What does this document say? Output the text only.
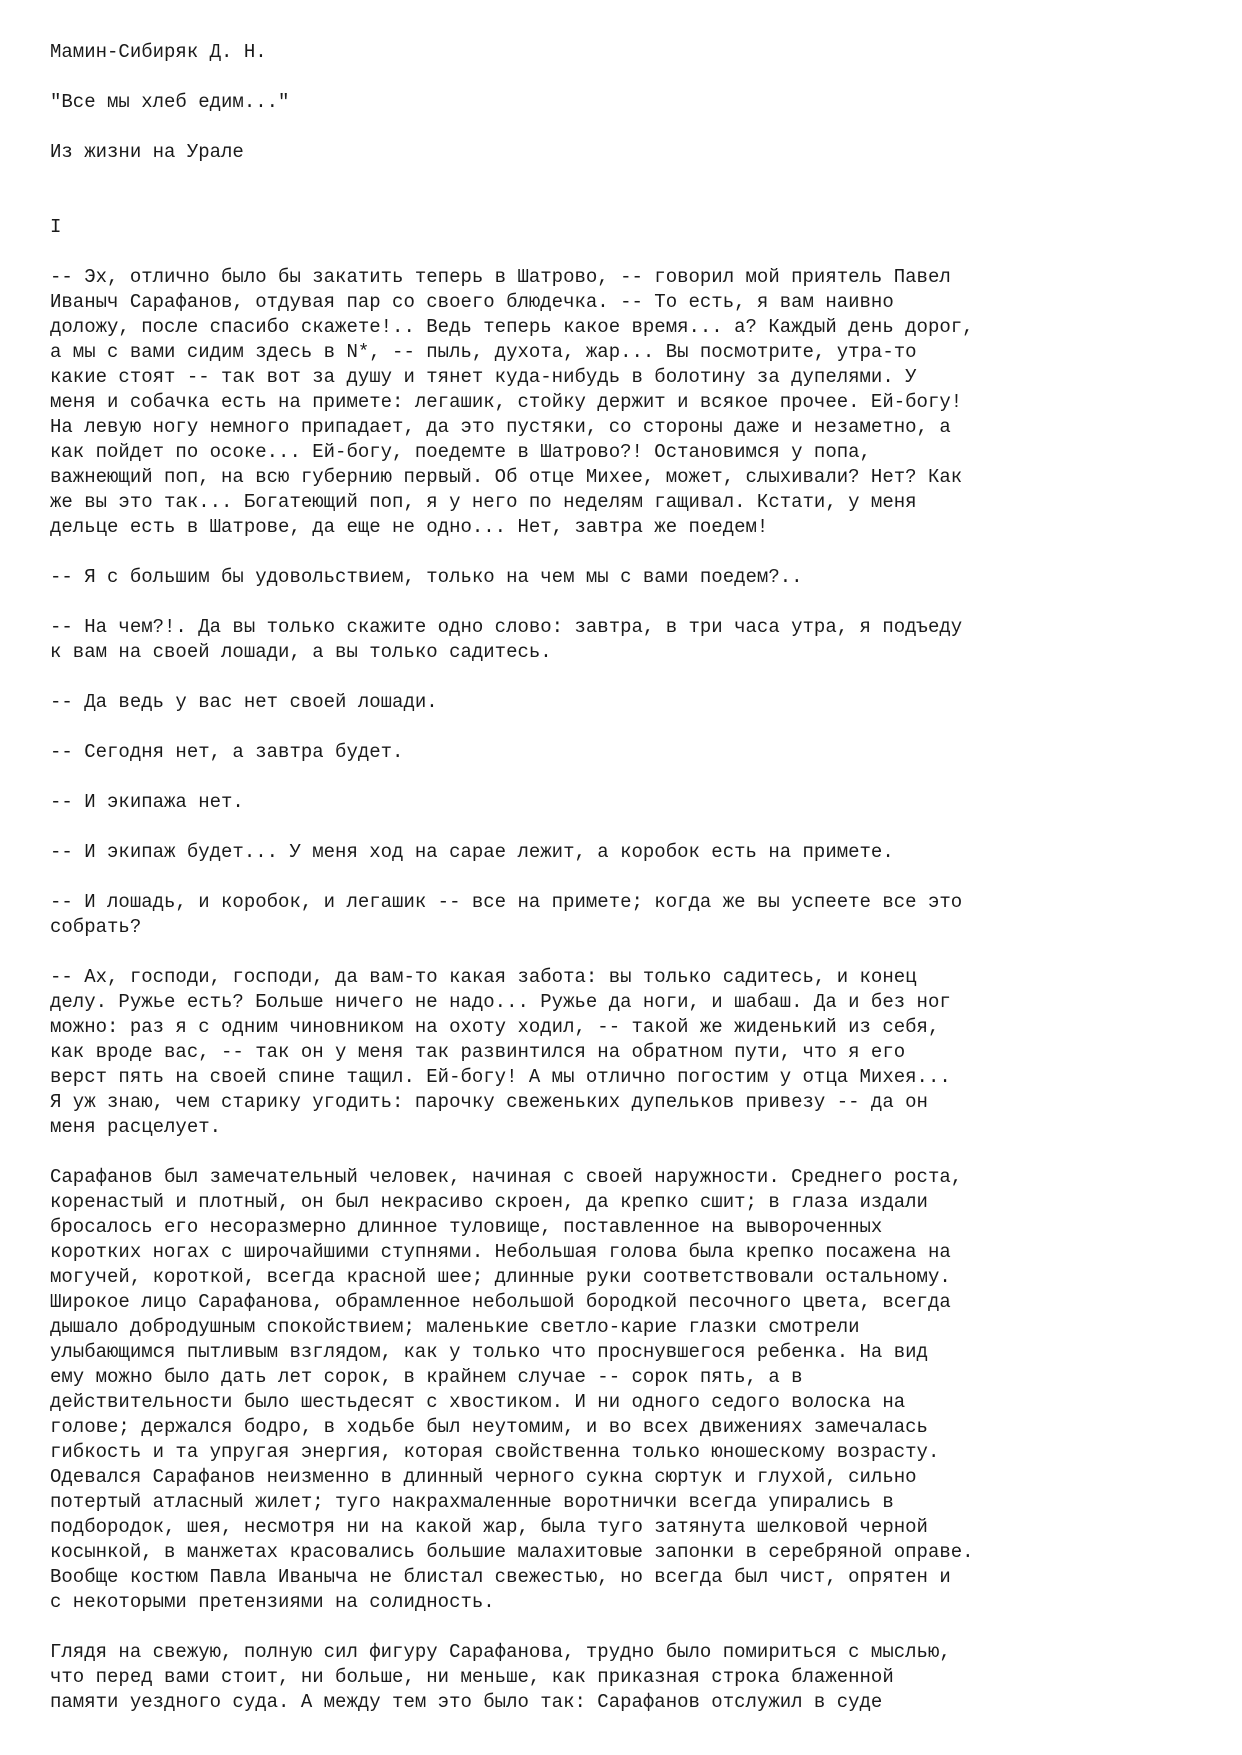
Мамин-Сибиряк Д. Н.
"Все мы хлеб едим..."
Из жизни на Урале
I
-- Эх, отлично было бы закатить теперь в Шатрово, -- говорил мой приятель Павел
Иваныч Сарафанов, отдувая пар со своего блюдечка. -- То есть, я вам наивно
доложу, после спасибо скажете!.. Ведь теперь какое время... а? Каждый день дорог,
а мы с вами сидим здесь в N*, -- пыль, духота, жар... Вы посмотрите, утра-то
какие стоят -- так вот за душу и тянет куда-нибудь в болотину за дупелями. У
меня и собачка есть на примете: легашик, стойку держит и всякое прочее. Ей-богу!
На левую ногу немного припадает, да это пустяки, со стороны даже и незаметно, а
как пойдет по осоке... Ей-богу, поедемте в Шатрово?! Остановимся у попа,
важнеющий поп, на всю губернию первый. Об отце Михее, может, слыхивали? Нет? Как
же вы это так... Богатеющий поп, я у него по неделям гащивал. Кстати, у меня
дельце есть в Шатрове, да еще не одно... Нет, завтра же поедем!
-- Я с большим бы удовольствием, только на чем мы с вами поедем?..
-- На чем?!. Да вы только скажите одно слово: завтра, в три часа утра, я подъеду
к вам на своей лошади, а вы только садитесь.
-- Да ведь у вас нет своей лошади.
-- Сегодня нет, а завтра будет.
-- И экипажа нет.
-- И экипаж будет... У меня ход на сарае лежит, а коробок есть на примете.
-- И лошадь, и коробок, и легашик -- все на примете; когда же вы успеете все это
собрать?
-- Ах, господи, господи, да вам-то какая забота: вы только садитесь, и конец
делу. Ружье есть? Больше ничего не надо... Ружье да ноги, и шабаш. Да и без ног
можно: раз я с одним чиновником на охоту ходил, -- такой же жиденький из себя,
как вроде вас, -- так он у меня так развинтился на обратном пути, что я его
верст пять на своей спине тащил. Ей-богу! А мы отлично погостим у отца Михея...
Я уж знаю, чем старику угодить: парочку свеженьких дупельков привезу -- да он
меня расцелует.
Сарафанов был замечательный человек, начиная с своей наружности. Среднего роста,
коренастый и плотный, он был некрасиво скроен, да крепко сшит; в глаза издали
бросалось его несоразмерно длинное туловище, поставленное на вывороченных
коротких ногах с широчайшими ступнями. Небольшая голова была крепко посажена на
могучей, короткой, всегда красной шее; длинные руки соответствовали остальному.
Широкое лицо Сарафанова, обрамленное небольшой бородкой песочного цвета, всегда
дышало добродушным спокойствием; маленькие светло-карие глазки смотрели
улыбающимся пытливым взглядом, как у только что проснувшегося ребенка. На вид
ему можно было дать лет сорок, в крайнем случае -- сорок пять, а в
действительности было шестьдесят с хвостиком. И ни одного седого волоска на
голове; держался бодро, в ходьбе был неутомим, и во всех движениях замечалась
гибкость и та упругая энергия, которая свойственна только юношескому возрасту.
Одевался Сарафанов неизменно в длинный черного сукна сюртук и глухой, сильно
потертый атласный жилет; туго накрахмаленные воротнички всегда упирались в
подбородок, шея, несмотря ни на какой жар, была туго затянута шелковой черной
косынкой, в манжетах красовались большие малахитовые запонки в серебряной оправе.
Вообще костюм Павла Иваныча не блистал свежестью, но всегда был чист, опрятен и
с некоторыми претензиями на солидность.
Глядя на свежую, полную сил фигуру Сарафанова, трудно было помириться с мыслью,
что перед вами стоит, ни больше, ни меньше, как приказная строка блаженной
памяти уездного суда. А между тем это было так: Сарафанов отслужил в суде
